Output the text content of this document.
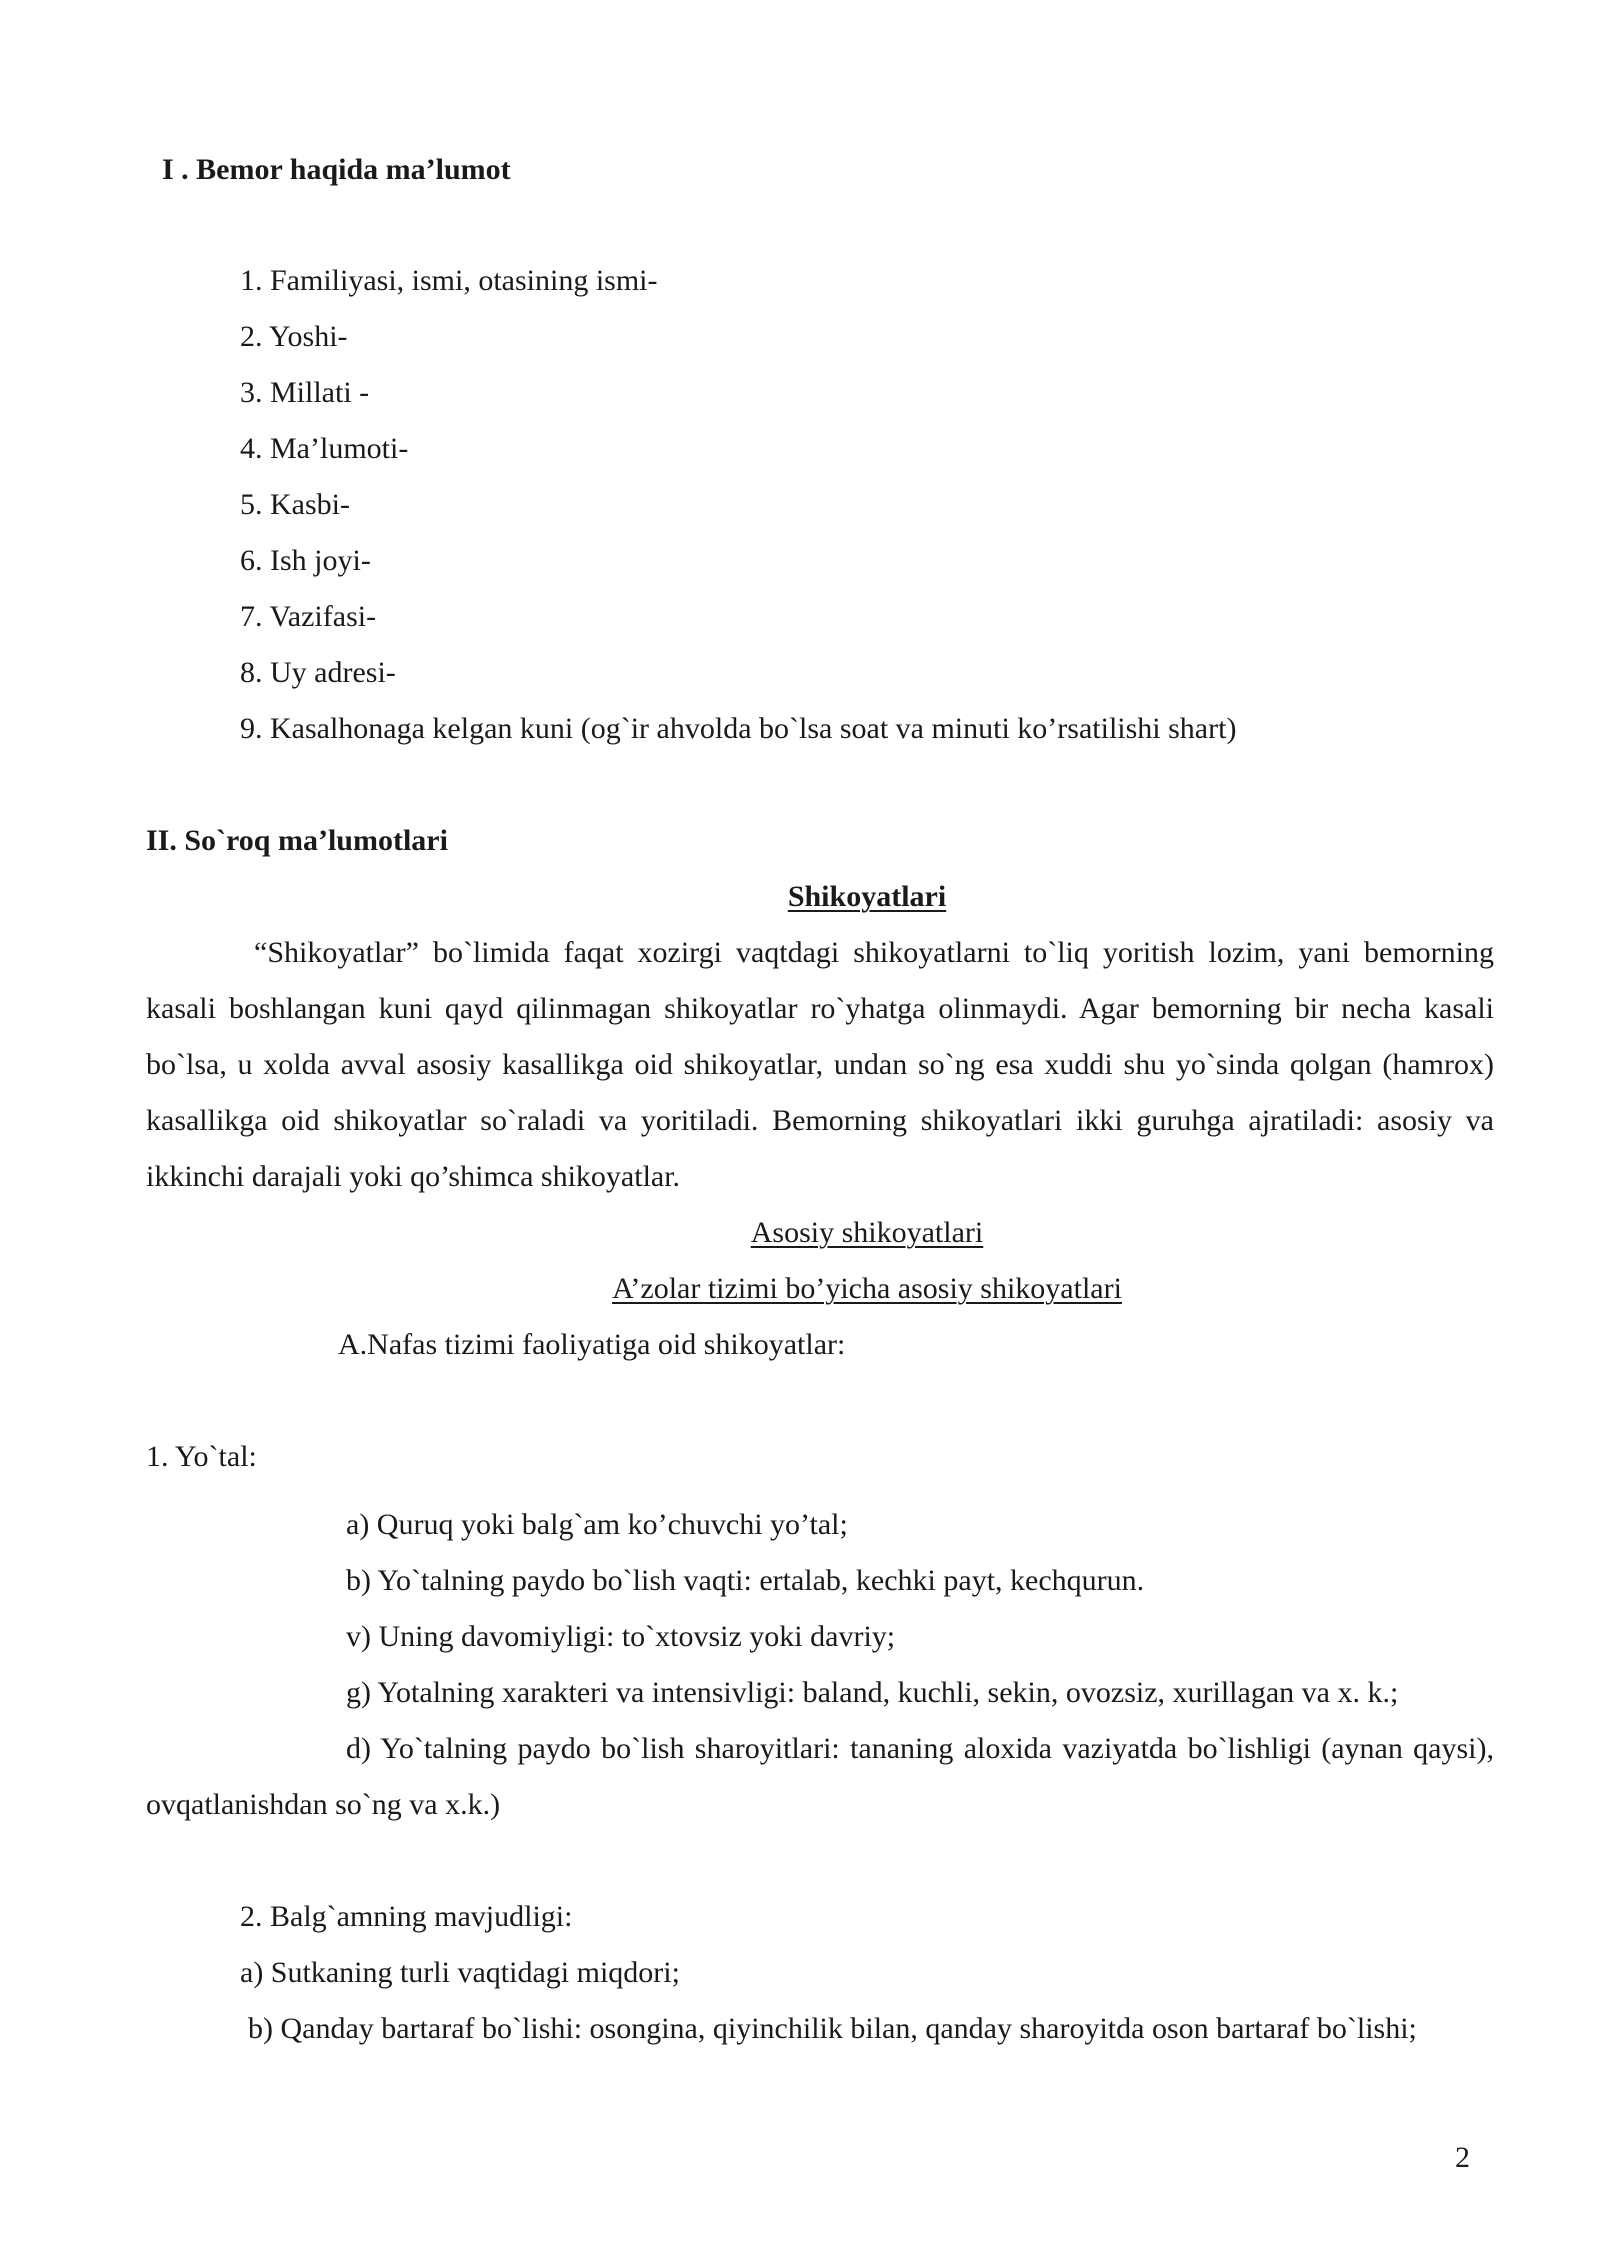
I . Bemor haqida ma’lumot
1. Familiyasi, ismi, otasining ismi-
2. Yoshi-
3. Millati -
4. Ma’lumoti-
5. Kasbi-
6. Ish joyi-
7. Vazifasi-
8. Uy adresi-
9. Kasalhonaga kelgan kuni (og`ir ahvolda bo`lsa soat va minuti ko’rsatilishi shart)
II. So`roq ma’lumotlari
Shikoyatlari
“Shikoyatlar” bo`limida faqat xozirgi vaqtdagi shikoyatlarni to`liq yoritish lozim, yani bemorning kasali boshlangan kuni qayd qilinmagan shikoyatlar ro`yhatga olinmaydi. Agar bemorning bir necha kasali bo`lsa, u xolda avval asosiy kasallikga oid shikoyatlar, undan so`ng esa xuddi shu yo`sinda qolgan (hamrox) kasallikga oid shikoyatlar so`raladi va yoritiladi. Bemorning shikoyatlari ikki guruhga ajratiladi: asosiy va ikkinchi darajali yoki qo’shimca shikoyatlar.
Asosiy shikoyatlari
A’zolar tizimi bo’yicha asosiy shikoyatlari
A.Nafas tizimi faoliyatiga oid shikoyatlar:
1. Yo`tal:
a) Quruq yoki balg`am ko’chuvchi yo’tal;
b) Yo`talning paydo bo`lish vaqti: ertalab, kechki payt, kechqurun.
v) Uning davomiyligi: to`xtovsiz yoki davriy;
g) Yotalning xarakteri va intensivligi: baland, kuchli, sekin, ovozsiz, xurillagan va x. k.;
d) Yo`talning paydo bo`lish sharoyitlari: tananing aloxida vaziyatda bo`lishligi (aynan qaysi), ovqatlanishdan so`ng va x.k.)
2. Balg`amning mavjudligi:
a) Sutkaning turli vaqtidagi miqdori;
b) Qanday bartaraf bo`lishi: osongina, qiyinchilik bilan, qanday sharoyitda oson bartaraf bo`lishi;
2
